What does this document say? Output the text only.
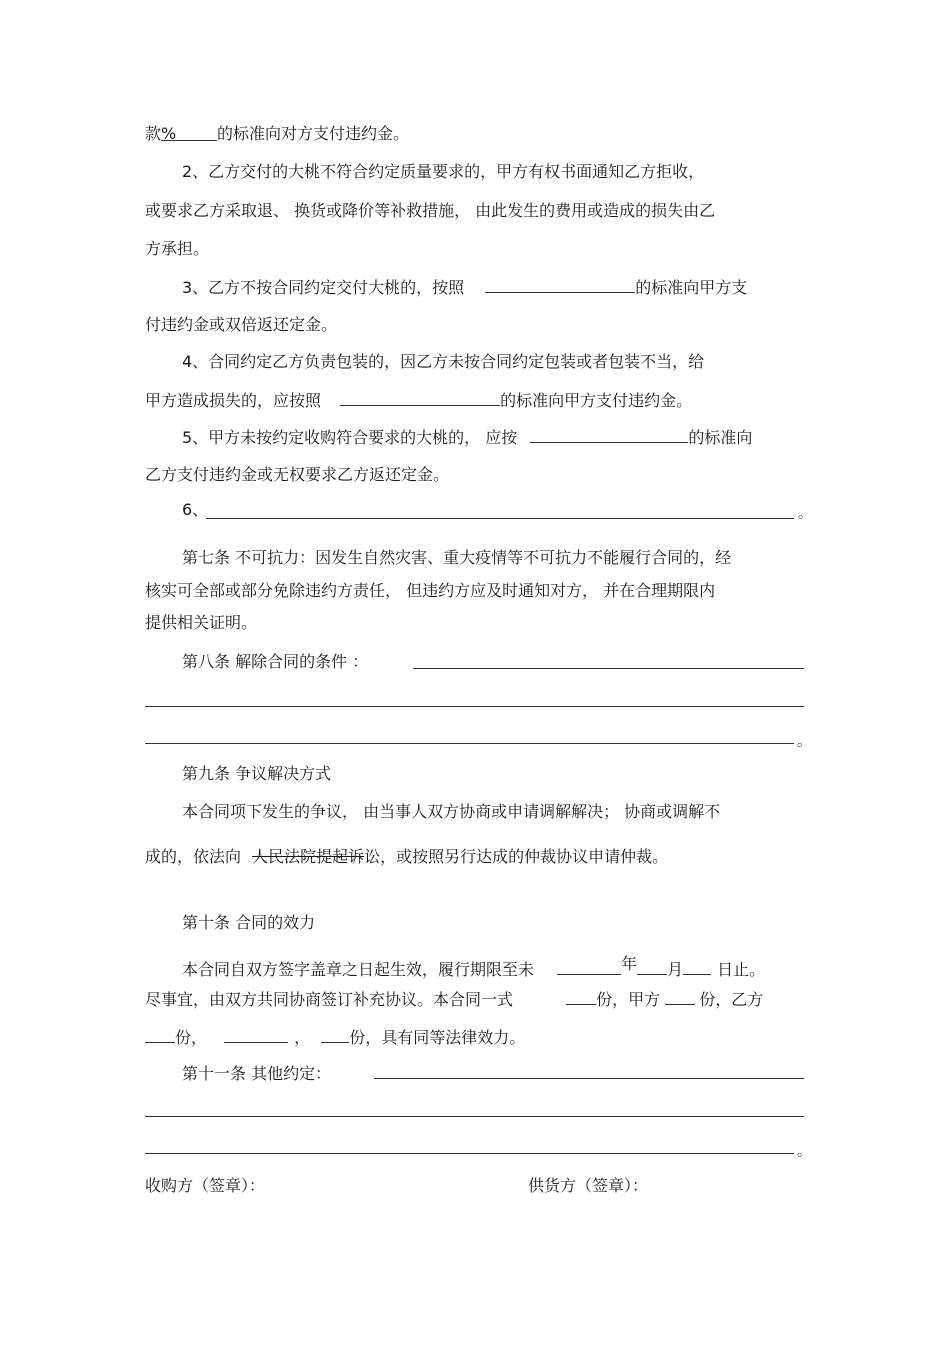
款%	的标准向对方支付违约金。
2、乙方交付的大桃不符合约定质量要求的，甲方有权书面通知乙方拒收，
或要求乙方采取退、 换货或降价等补救措施， 由此发生的费用或造成的损失由乙
方承担。
3、乙方不按合同约定交付大桃的，按照	的标准向甲方支
付违约金或双倍返还定金。
4、合同约定乙方负责包装的，因乙方未按合同约定包装或者包装不当，给
甲方造成损失的，应按照	的标准向甲方支付违约金。
5、甲方未按约定收购符合要求的大桃的， 应按	的标准向
乙方支付违约金或无权要求乙方返还定金。
6、	。
第七条 不可抗力：因发生自然灾害、重大疫情等不可抗力不能履行合同的，经
核实可全部或部分免除违约方责任， 但违约方应及时通知对方， 并在合理期限内
提供相关证明。
第八条 解除合同的条件 ：
。
第九条 争议解决方式
本合同项下发生的争议， 由当事人双方协商或申请调解解决； 协商或调解不
成的，依法向 人民法院提起诉讼，或按照另行达成的仲裁协议申请仲裁。
第十条 合同的效力
本合同自双方签字盖章之日起生效，履行期限至未	年 月 日止。
尽事宜，由双方共同协商签订补充协议。本合同一式	份，甲方 份，乙方
份，	， 份，具有同等法律效力。
第十一条 其他约定：
。
收购方（签章）：	供货方（签章）：
